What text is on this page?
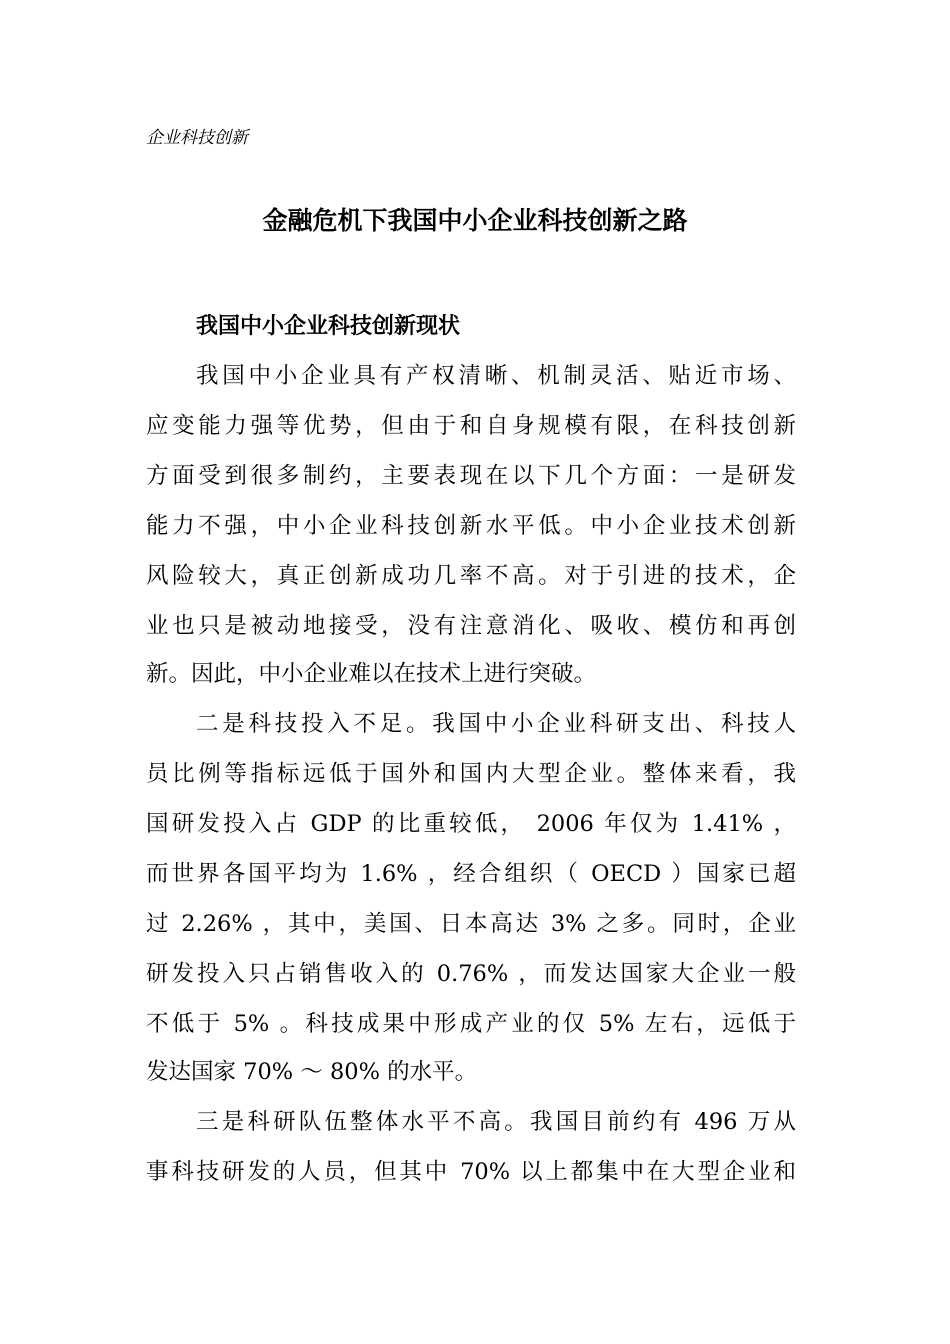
企业科技创新
金融危机下我国中小企业科技创新之路
我国中小企业科技创新现状
我国中小企业具有产权清晰、机制灵活、贴近市场、
应变能力强等优势，但由于和自身规模有限，在科技创新
方面受到很多制约，主要表现在以下几个方面：一是研发
能力不强，中小企业科技创新水平低。中小企业技术创新
风险较大，真正创新成功几率不高。对于引进的技术，企
业也只是被动地接受，没有注意消化、吸收、模仿和再创
新。因此，中小企业难以在技术上进行突破。
二是科技投入不足。我国中小企业科研支出、科技人
员比例等指标远低于国外和国内大型企业。整体来看，我
国研发投入占 GDP 的比重较低， 2006 年仅为 1.41% ，
而世界各国平均为 1.6% ，经合组织（ OECD ）国家已超
过 2.26% ，其中，美国、日本高达 3% 之多。同时，企业
研发投入只占销售收入的 0.76% ，而发达国家大企业一般
不低于 5% 。科技成果中形成产业的仅 5% 左右，远低于
发达国家 70% ～ 80% 的水平。
三是科研队伍整体水平不高。我国目前约有 496 万从
事科技研发的人员，但其中 70% 以上都集中在大型企业和
